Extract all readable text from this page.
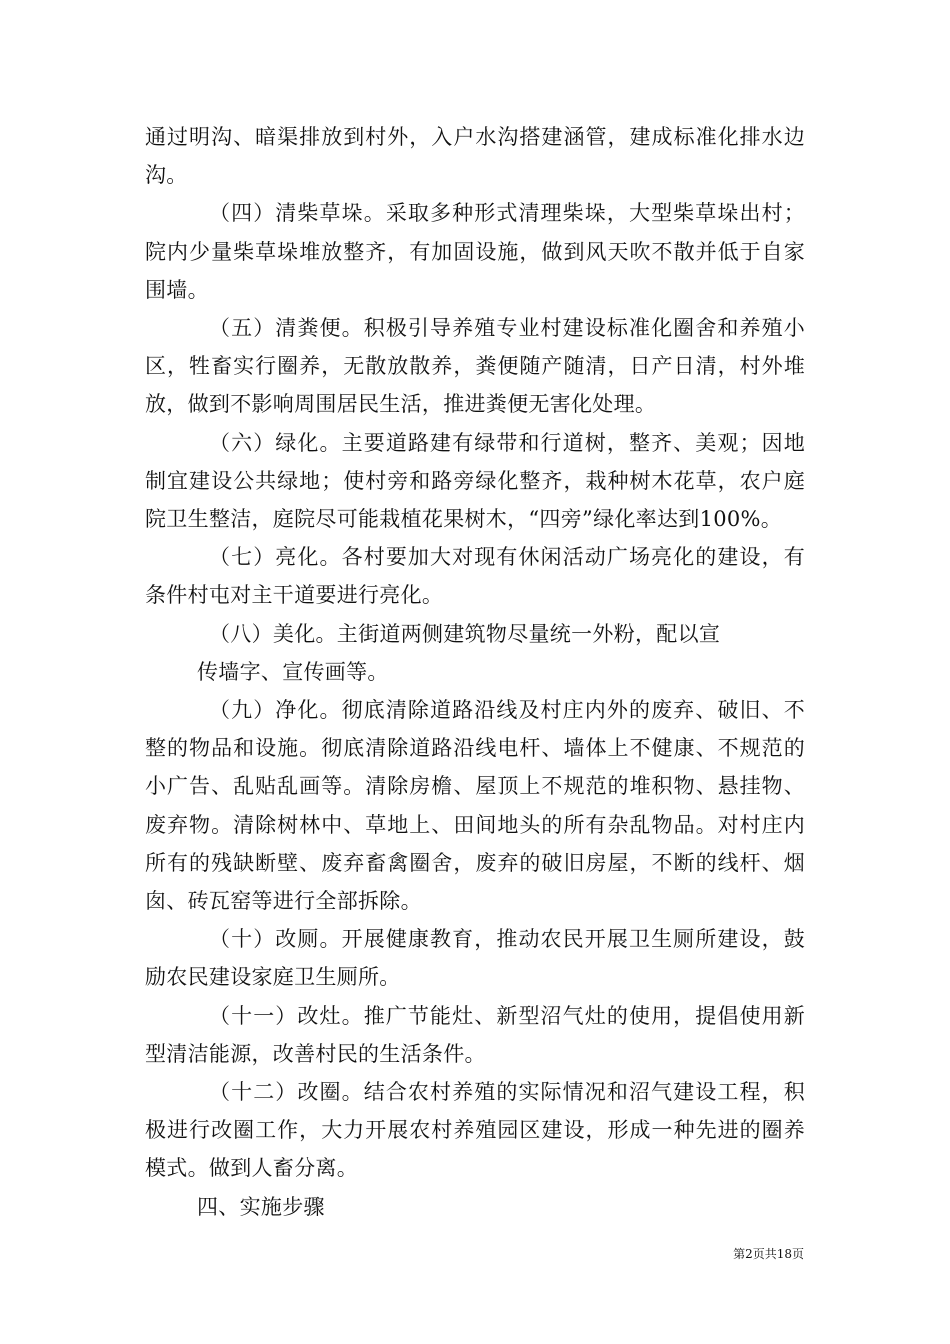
通过明沟、暗渠排放到村外，入户水沟搭建涵管，建成标准化排水边沟。

（四）清柴草垛。采取多种形式清理柴垛，大型柴草垛出村；院内少量柴草垛堆放整齐，有加固设施，做到风天吹不散并低于自家围墙。

（五）清粪便。积极引导养殖专业村建设标准化圈舍和养殖小区，牲畜实行圈养，无散放散养，粪便随产随清，日产日清，村外堆放，做到不影响周围居民生活，推进粪便无害化处理。

（六）绿化。主要道路建有绿带和行道树，整齐、美观；因地制宜建设公共绿地；使村旁和路旁绿化整齐，栽种树木花草，农户庭院卫生整洁，庭院尽可能栽植花果树木，“四旁”绿化率达到100%。

（七）亮化。各村要加大对现有休闲活动广场亮化的建设，有条件村屯对主干道要进行亮化。

（八）美化。主街道两侧建筑物尽量统一外粉，配以宣

传墙字、宣传画等。

（九）净化。彻底清除道路沿线及村庄内外的废弃、破旧、不整的物品和设施。彻底清除道路沿线电杆、墙体上不健康、不规范的小广告、乱贴乱画等。清除房檐、屋顶上不规范的堆积物、悬挂物、废弃物。清除树林中、草地上、田间地头的所有杂乱物品。对村庄内所有的残缺断壁、废弃畜禽圈舍，废弃的破旧房屋，不断的线杆、烟囱、砖瓦窑等进行全部拆除。

（十）改厕。开展健康教育，推动农民开展卫生厕所建设，鼓励农民建设家庭卫生厕所。

（十一）改灶。推广节能灶、新型沼气灶的使用，提倡使用新型清洁能源，改善村民的生活条件。

（十二）改圈。结合农村养殖的实际情况和沼气建设工程，积极进行改圈工作，大力开展农村养殖园区建设，形成一种先进的圈养模式。做到人畜分离。

四、实施步骤

第2页共18页
